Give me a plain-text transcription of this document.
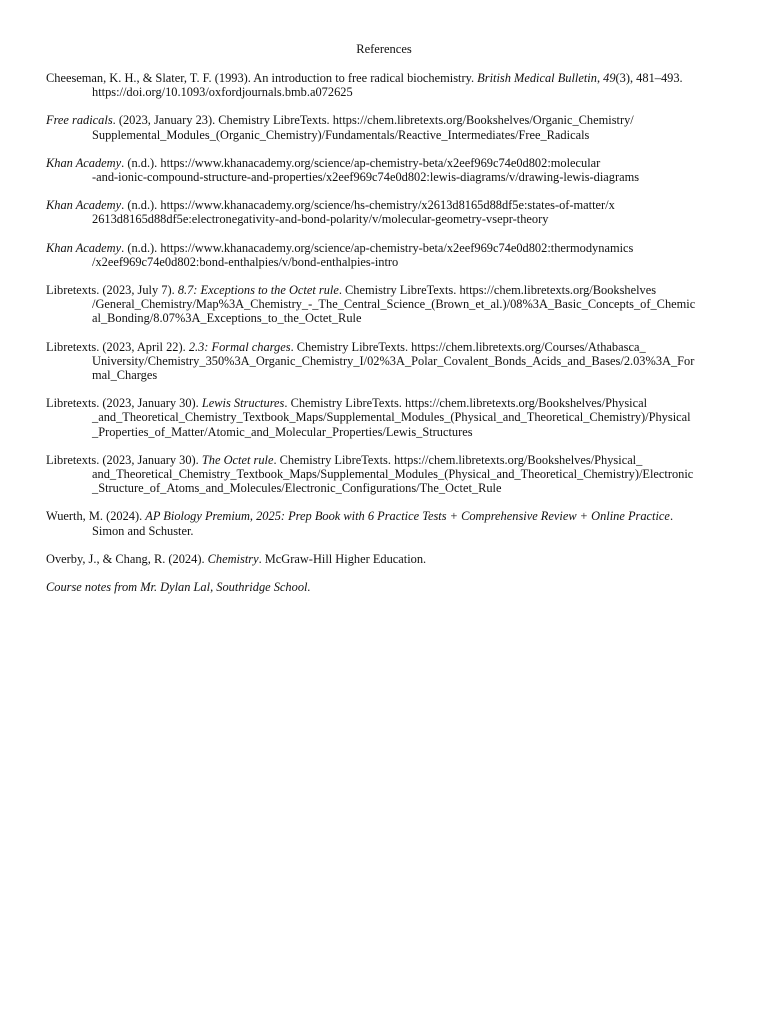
References
Cheeseman, K. H., & Slater, T. F. (1993). An introduction to free radical biochemistry. British Medical Bulletin, 49(3), 481–493.
https://doi.org/10.1093/oxfordjournals.bmb.a072625
Free radicals. (2023, January 23). Chemistry LibreTexts. https://chem.libretexts.org/Bookshelves/Organic_Chemistry/
Supplemental_Modules_(Organic_Chemistry)/Fundamentals/Reactive_Intermediates/Free_Radicals
Khan Academy. (n.d.). https://www.khanacademy.org/science/ap-chemistry-beta/x2eef969c74e0d802:molecular
-and-ionic-compound-structure-and-properties/x2eef969c74e0d802:lewis-diagrams/v/drawing-lewis-diagrams
Khan Academy. (n.d.). https://www.khanacademy.org/science/hs-chemistry/x2613d8165d88df5e:states-of-matter/x
2613d8165d88df5e:electronegativity-and-bond-polarity/v/molecular-geometry-vsepr-theory
Khan Academy. (n.d.). https://www.khanacademy.org/science/ap-chemistry-beta/x2eef969c74e0d802:thermodynamics
/x2eef969c74e0d802:bond-enthalpies/v/bond-enthalpies-intro
Libretexts. (2023, July 7). 8.7: Exceptions to the Octet rule. Chemistry LibreTexts. https://chem.libretexts.org/Bookshelves
/General_Chemistry/Map%3A_Chemistry_-_The_Central_Science_(Brown_et_al.)/08%3A_Basic_Concepts_of_Chemic
al_Bonding/8.07%3A_Exceptions_to_the_Octet_Rule
Libretexts. (2023, April 22). 2.3: Formal charges. Chemistry LibreTexts. https://chem.libretexts.org/Courses/Athabasca_
University/Chemistry_350%3A_Organic_Chemistry_I/02%3A_Polar_Covalent_Bonds_Acids_and_Bases/2.03%3A_For
mal_Charges
Libretexts. (2023, January 30). Lewis Structures. Chemistry LibreTexts. https://chem.libretexts.org/Bookshelves/Physical
_and_Theoretical_Chemistry_Textbook_Maps/Supplemental_Modules_(Physical_and_Theoretical_Chemistry)/Physical
_Properties_of_Matter/Atomic_and_Molecular_Properties/Lewis_Structures
Libretexts. (2023, January 30). The Octet rule. Chemistry LibreTexts. https://chem.libretexts.org/Bookshelves/Physical_
and_Theoretical_Chemistry_Textbook_Maps/Supplemental_Modules_(Physical_and_Theoretical_Chemistry)/Electronic
_Structure_of_Atoms_and_Molecules/Electronic_Configurations/The_Octet_Rule
Wuerth, M. (2024). AP Biology Premium, 2025: Prep Book with 6 Practice Tests + Comprehensive Review + Online Practice.
Simon and Schuster.
Overby, J., & Chang, R. (2024). Chemistry. McGraw-Hill Higher Education.
Course notes from Mr. Dylan Lal, Southridge School.
